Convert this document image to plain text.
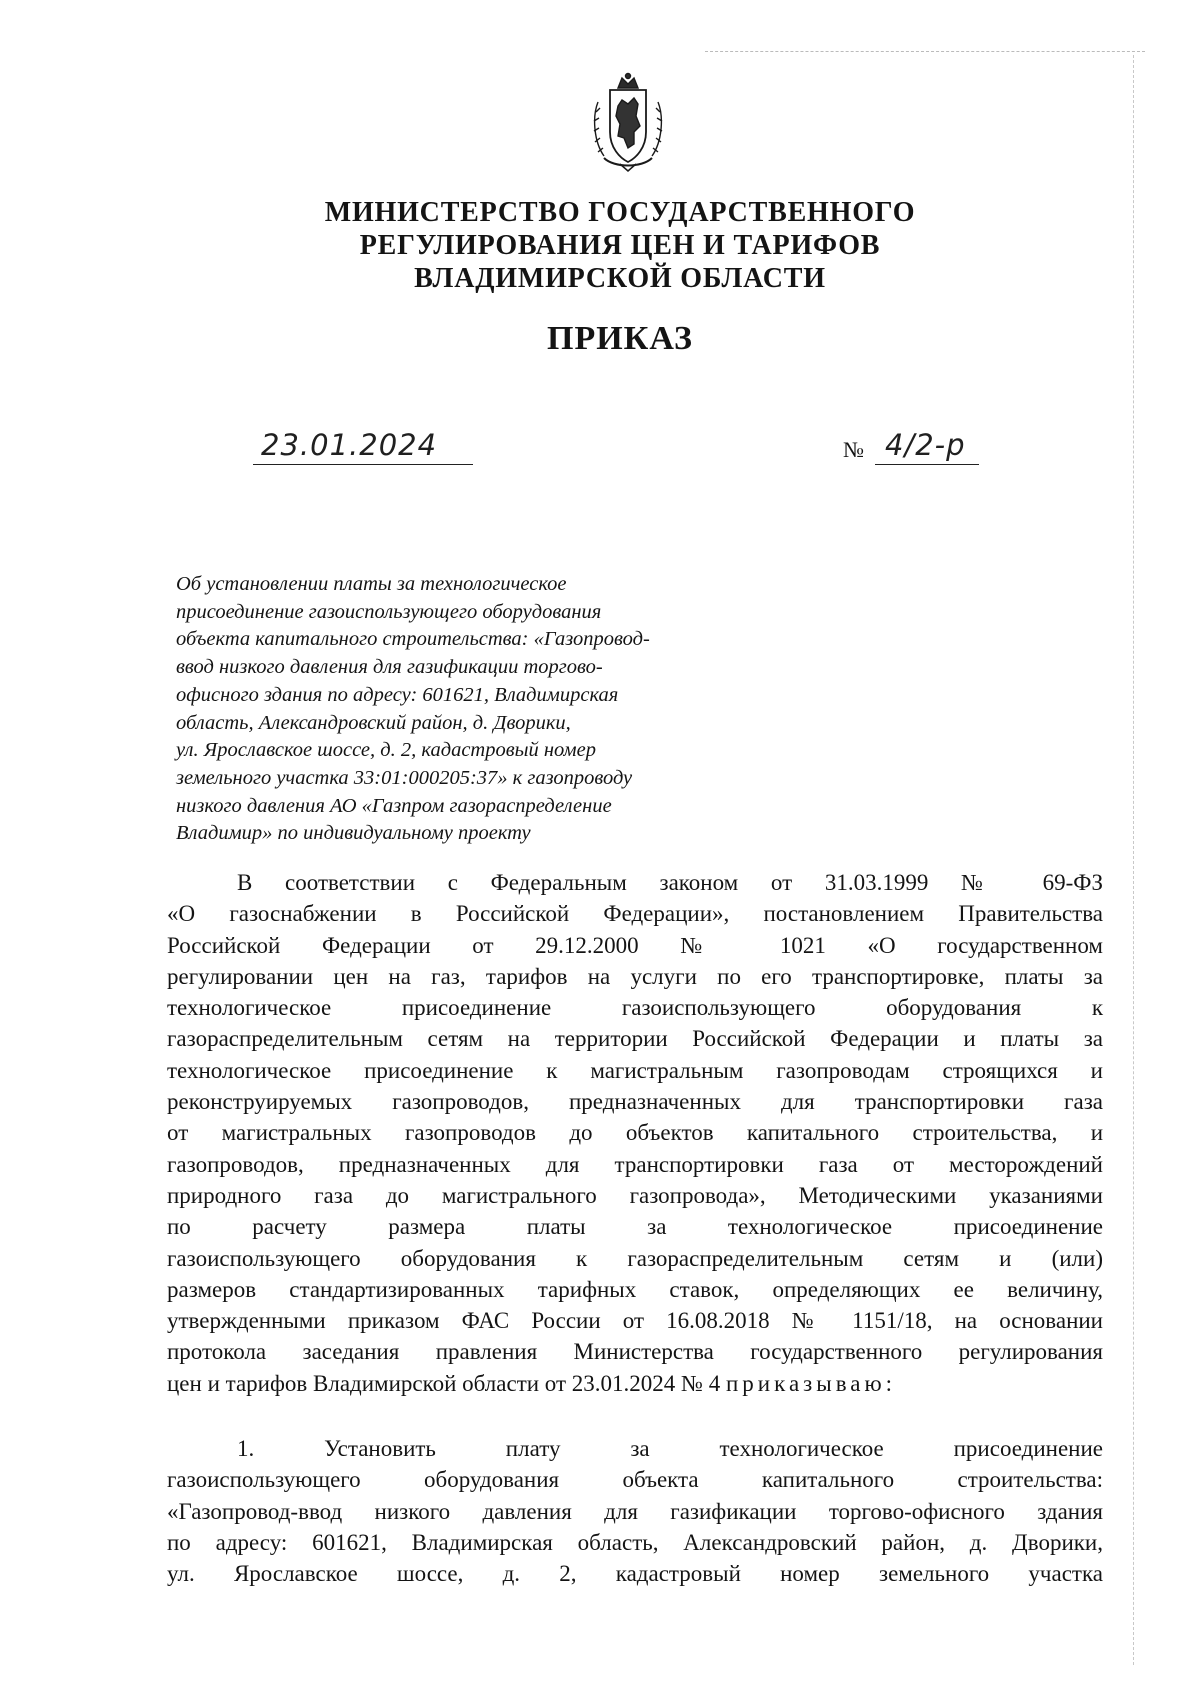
МИНИСТЕРСТВО ГОСУДАРСТВЕННОГО
РЕГУЛИРОВАНИЯ ЦЕН И ТАРИФОВ
ВЛАДИМИРСКОЙ ОБЛАСТИ
ПРИКАЗ
23.01.2024	№ 4/2-р
Об установлении платы за технологическое
присоединение газоиспользующего оборудования
объекта капитального строительства: «Газопровод-
ввод низкого давления для газификации торгово-
офисного здания по адресу: 601621, Владимирская
область, Александровский район, д. Дворики,
ул. Ярославское шоссе, д. 2, кадастровый номер
земельного участка 33:01:000205:37» к газопроводу
низкого давления АО «Газпром газораспределение
Владимир» по индивидуальному проекту
В соответствии с Федеральным законом от 31.03.1999 № 69-ФЗ
«О газоснабжении в Российской Федерации», постановлением Правительства
Российской Федерации от 29.12.2000 № 1021 «О государственном
регулировании цен на газ, тарифов на услуги по его транспортировке, платы за
технологическое присоединение газоиспользующего оборудования к
газораспределительным сетям на территории Российской Федерации и платы за
технологическое присоединение к магистральным газопроводам строящихся и
реконструируемых газопроводов, предназначенных для транспортировки газа
от магистральных газопроводов до объектов капитального строительства, и
газопроводов, предназначенных для транспортировки газа от месторождений
природного газа до магистрального газопровода», Методическими указаниями
по расчету размера платы за технологическое присоединение
газоиспользующего оборудования к газораспределительным сетям и (или)
размеров стандартизированных тарифных ставок, определяющих ее величину,
утвержденными приказом ФАС России от 16.08.2018 № 1151/18, на основании
протокола заседания правления Министерства государственного регулирования
цен и тарифов Владимирской области от 23.01.2024 № 4 приказываю:
1. Установить плату за технологическое присоединение
газоиспользующего оборудования объекта капитального строительства:
«Газопровод-ввод низкого давления для газификации торгово-офисного здания
по адресу: 601621, Владимирская область, Александровский район, д. Дворики,
ул. Ярославское шоссе, д. 2, кадастровый номер земельного участка
